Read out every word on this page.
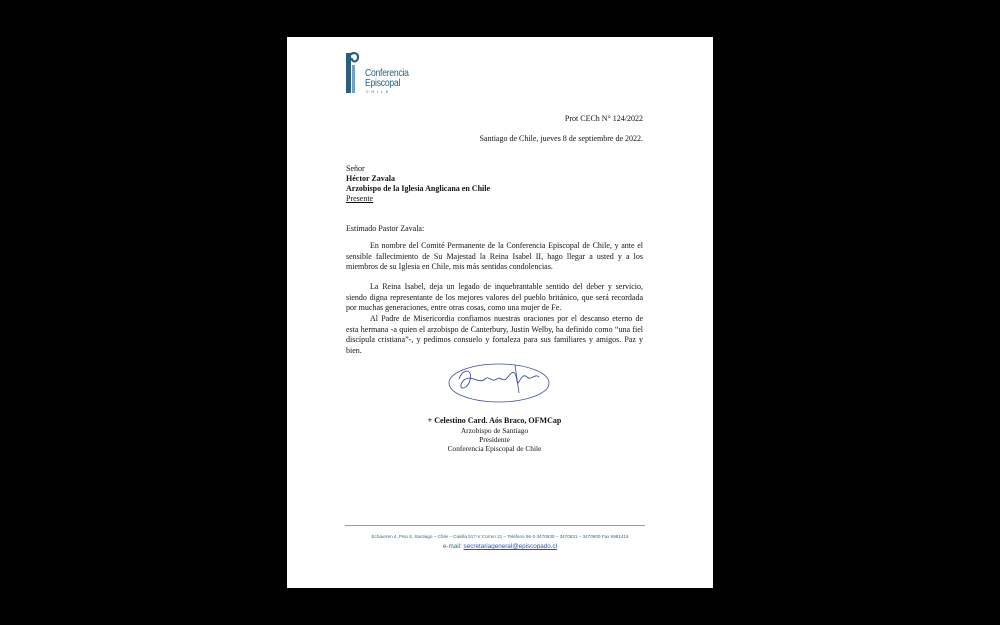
Conferencia
Episcopal
CHILE
Prot CECh N° 124/2022
Santiago de Chile, jueves 8 de septiembre de 2022.
Señor
Héctor Zavala
Arzobispo de la Iglesia Anglicana en Chile
Presente
Estimado Pastor Zavala:

En nombre del Comité Permanente de la Conferencia Episcopal de Chile, y ante el sensible fallecimiento de Su Majestad la Reina Isabel II, hago llegar a usted y a los miembros de su Iglesia en Chile, mis más sentidas condolencias.

La Reina Isabel, deja un legado de inquebrantable sentido del deber y servicio, siendo digna representante de los mejores valores del pueblo británico, que será recordada por muchas generaciones, entre otras cosas, como una mujer de Fe.

Al Padre de Misericordia confiamos nuestras oraciones por el descanso eterno de esta hermana -a quien el arzobispo de Canterbury, Justin Welby, ha definido como “una fiel discípula cristiana”-, y pedimos consuelo y fortaleza para sus familiares y amigos. Paz y bien.

+ Celestino Card. Aós Braco, OFMCap
Arzobispo de Santiago
Presidente
Conferencia Episcopal de Chile
Echaurren 4, Piso 6, Santiago – Chile – Casilla 517-V Correo 21 – Teléfono 56-2-3470930 – 3470931 – 3470900 Fax 6981416
e-mail: secretariageneral@episcopado.cl
